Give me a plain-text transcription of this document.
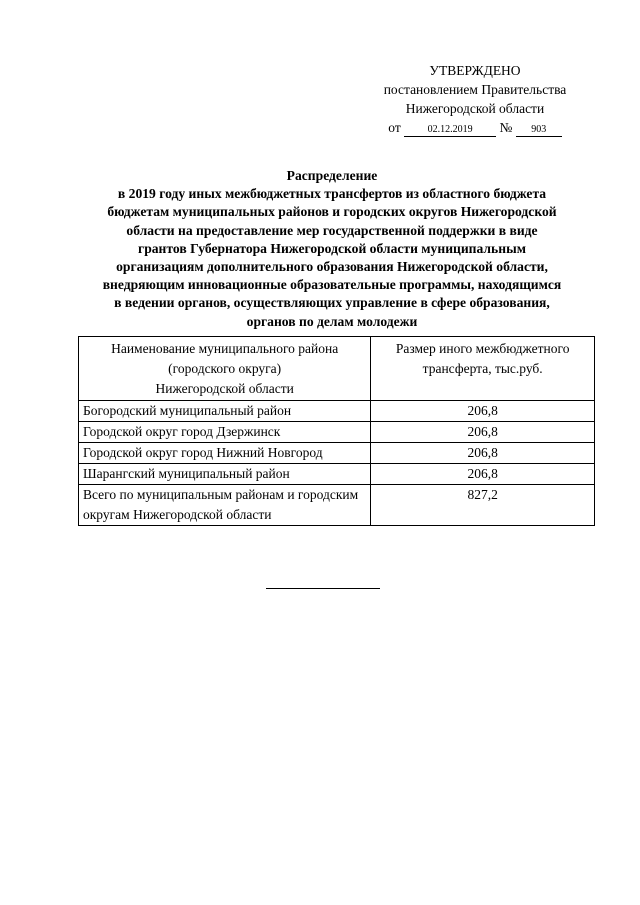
УТВЕРЖДЕНО
постановлением Правительства
Нижегородской области
от	02.12.2019 № 903
Распределение
в 2019 году иных межбюджетных трансфертов из областного бюджета
бюджетам муниципальных районов и городских округов Нижегородской
области на предоставление мер государственной поддержки в виде
грантов Губернатора Нижегородской области муниципальным
организациям дополнительного образования Нижегородской области,
внедряющим инновационные образовательные программы, находящимся
в ведении органов, осуществляющих управление в сфере образования,
органов по делам молодежи
Наименование муниципального района
(городского округа)
Нижегородской области	Размер иного межбюджетного
трансферта, тыс.руб.

Богородский муниципальный район	206,8
Городской округ город Дзержинск	206,8
Городской округ город Нижний Новгород	206,8
Шарангский муниципальный район	206,8
Всего по муниципальным районам и городским округам Нижегородской области	827,2
